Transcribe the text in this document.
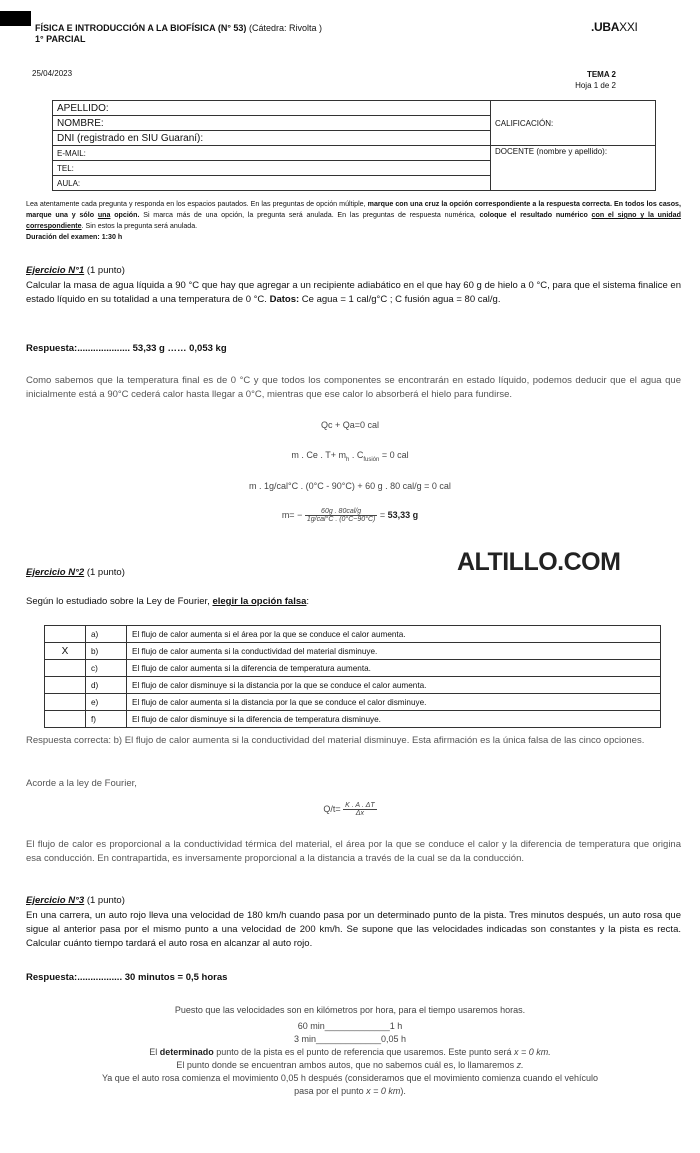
FÍSICA E INTRODUCCIÓN A LA BIOFÍSICA (N° 53) (Cátedra: Rivolta )
1° PARCIAL
.UBAXXI
25/04/2023	TEMA 2
Hoja 1 de 2
APELLIDO:	CALIFICACIÓN:
NOMBRE:	
DNI (registrado en SIU Guaraní):	
E-MAIL:	DOCENTE (nombre y apellido):
TEL:	
AULA:	
Lea atentamente cada pregunta y responda en los espacios pautados. En las preguntas de opción múltiple, marque con una cruz la opción correspondiente a la respuesta correcta. En todos los casos, marque una y sólo una opción. Si marca más de una opción, la pregunta será anulada. En las preguntas de respuesta numérica, coloque el resultado numérico con el signo y la unidad correspondiente. Sin estos la pregunta será anulada.
Duración del examen: 1:30 h
Ejercicio N°1 (1 punto)
Calcular la masa de agua líquida a 90 °C que hay que agregar a un recipiente adiabático en el que hay 60 g de hielo a 0 °C, para que el sistema finalice en estado líquido en su totalidad a una temperatura de 0 °C. Datos: Ce agua = 1 cal/g°C ; C fusión agua = 80 cal/g.
Respuesta:.................... 53,33 g …… 0,053 kg
Como sabemos que la temperatura final es de 0 °C y que todos los componentes se encontrarán en estado líquido, podemos deducir que el agua que inicialmente está a 90°C cederá calor hasta llegar a 0°C, mientras que ese calor lo absorberá el hielo para fundirse.
Qc + Qa=0 cal
m . Ce . $T+ m_h$ . $C_{fusión} = 0$ cal
m . 1g/cal°C . (0°C - 90°C) + 60 g . 80 cal/g = 0 cal
$m= - \frac{\text{60g . 80cal/g}}{\text{1g/cal°C . (0°C−90°C)}} = 53,33$ g
ALTILLO.COM
Ejercicio N°2 (1 punto)
Según lo estudiado sobre la Ley de Fourier, elegir la opción falsa:
	a)	El flujo de calor aumenta si el área por la que se conduce el calor aumenta.
X	b)	El flujo de calor aumenta si la conductividad del material disminuye.
	c)	El flujo de calor aumenta si la diferencia de temperatura aumenta.
	d)	El flujo de calor disminuye si la distancia por la que se conduce el calor aumenta.
	e)	El flujo de calor aumenta si la distancia por la que se conduce el calor disminuye.
	f)	El flujo de calor disminuye si la diferencia de temperatura disminuye.
Respuesta correcta: b) El flujo de calor aumenta si la conductividad del material disminuye. Esta afirmación es la única falsa de las cinco opciones.
Acorde a la ley de Fourier,
$Q/t= \frac{K . A . \Delta T}{\Delta x}$
El flujo de calor es proporcional a la conductividad térmica del material, el área por la que se conduce el calor y la diferencia de temperatura que origina esa conducción. En contrapartida, es inversamente proporcional a la distancia a través de la cual se da la conducción.
Ejercicio N°3 (1 punto)
En una carrera, un auto rojo lleva una velocidad de 180 km/h cuando pasa por un determinado punto de la pista. Tres minutos después, un auto rosa que sigue al anterior pasa por el mismo punto a una velocidad de 200 km/h. Se supone que las velocidades indicadas son constantes y la pista es recta. Calcular cuánto tiempo tardará el auto rosa en alcanzar al auto rojo.
Respuesta:................. 30 minutos = 0,5 horas
Puesto que las velocidades son en kilómetros por hora, para el tiempo usaremos horas.
60 min_____________1 h
3 min_____________0,05 h
El determinado punto de la pista es el punto de referencia que usaremos. Este punto será x = 0 km.
El punto donde se encuentran ambos autos, que no sabemos cuál es, lo llamaremos z.
Ya que el auto rosa comienza el movimiento 0,05 h después (consideramos que el movimiento comienza cuando el vehículo
pasa por el punto x = 0 km).
